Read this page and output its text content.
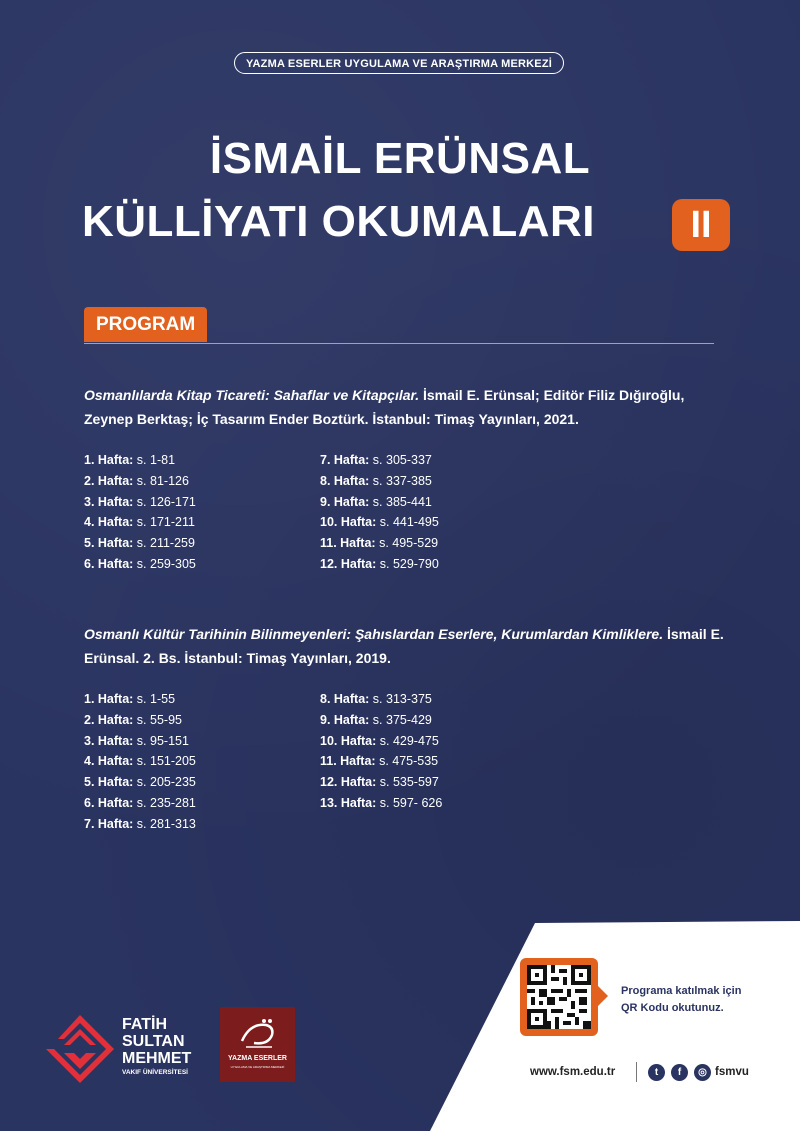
YAZMA ESERLER UYGULAMA VE ARAŞTIRMA MERKEZİ
İSMAİL ERÜNSAL
KÜLLİYATI OKUMALARI	II
PROGRAM
Osmanlılarda Kitap Ticareti: Sahaflar ve Kitapçılar. İsmail E. Erünsal; Editör Filiz Dığıroğlu, Zeynep Berktaş; İç Tasarım Ender Boztürk. İstanbul: Timaş Yayınları, 2021.
1. Hafta: s. 1-81
2. Hafta: s. 81-126
3. Hafta: s. 126-171
4. Hafta: s. 171-211
5. Hafta: s. 211-259
6. Hafta: s. 259-305
7. Hafta: s. 305-337
8. Hafta: s. 337-385
9. Hafta: s. 385-441
10. Hafta: s. 441-495
11. Hafta: s. 495-529
12. Hafta: s. 529-790
Osmanlı Kültür Tarihinin Bilinmeyenleri: Şahıslardan Eserlere, Kurumlardan Kimliklere. İsmail E. Erünsal. 2. Bs. İstanbul: Timaş Yayınları, 2019.
1. Hafta: s. 1-55
2. Hafta: s. 55-95
3. Hafta: s. 95-151
4. Hafta: s. 151-205
5. Hafta: s. 205-235
6. Hafta: s. 235-281
7. Hafta: s. 281-313
8. Hafta: s. 313-375
9. Hafta: s. 375-429
10. Hafta: s. 429-475
11. Hafta: s. 475-535
12. Hafta: s. 535-597
13. Hafta: s. 597- 626
FATİH
SULTAN
MEHMET
VAKIF ÜNİVERSİTESİ
YAZMA ESERLER
UYGULAMA VE ARAŞTIRMA MERKEZİ
Programa katılmak için
QR Kodu okutunuz.
www.fsm.edu.tr	t	f	◎ fsmvu
